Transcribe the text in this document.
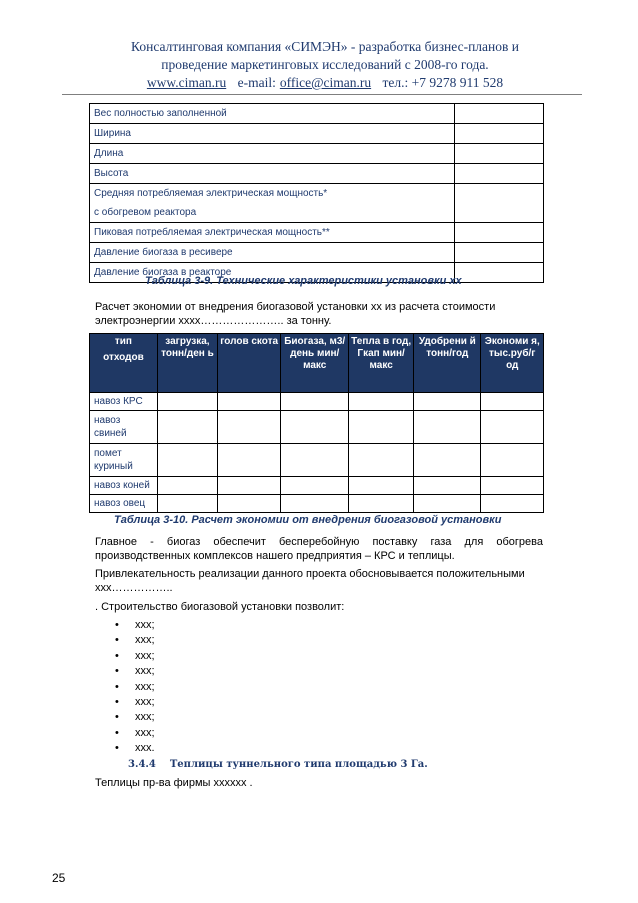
Консалтинговая компания «СИМЭН» - разработка бизнес-планов и
проведение маркетинговых исследований с 2008-го года.
www.ciman.ru e-mail: office@ciman.ru тел.: +7 9278 911 528
Вес полностью заполненной	

Ширина	

Длина	

Высота	

Средняя потребляемая электрическая мощность*
с обогревом реактора	

Пиковая потребляемая электрическая мощность**	

Давление биогаза в ресивере	

Давление биогаза в реакторе	

Таблица 3-9. Технические характеристики установки хх
Расчет экономии от внедрения биогазовой установки хх из расчета стоимости электроэнергии хххх………………….. за тонну.
тип
отходов	загрузка, тонн/ден ь	голов скота	Биогаза, м3/день мин/макс	Тепла в год, Гкап мин/макс	Удобрени й тонн/год	Экономи я, тыс.руб/г од

навоз КРС						
навоз свиней						
помет куриный						
навоз коней						
навоз овец						
Таблица 3-10. Расчет экономии от внедрения биогазовой установки
Главное - биогаз обеспечит бесперебойную поставку газа для обогрева производственных комплексов нашего предприятия – КРС и теплицы.
Привлекательность реализации данного проекта обосновывается положительными ххх……………..
. Строительство биогазовой установки позволит:
• ххх;
• ххх;
• ххх;
• ххх;
• ххх;
• ххх;
• ххх;
• ххх;
• ххх.
3.4.4 Теплицы туннельного типа площадью 3 Га.
Теплицы пр-ва фирмы хххххх .
25
